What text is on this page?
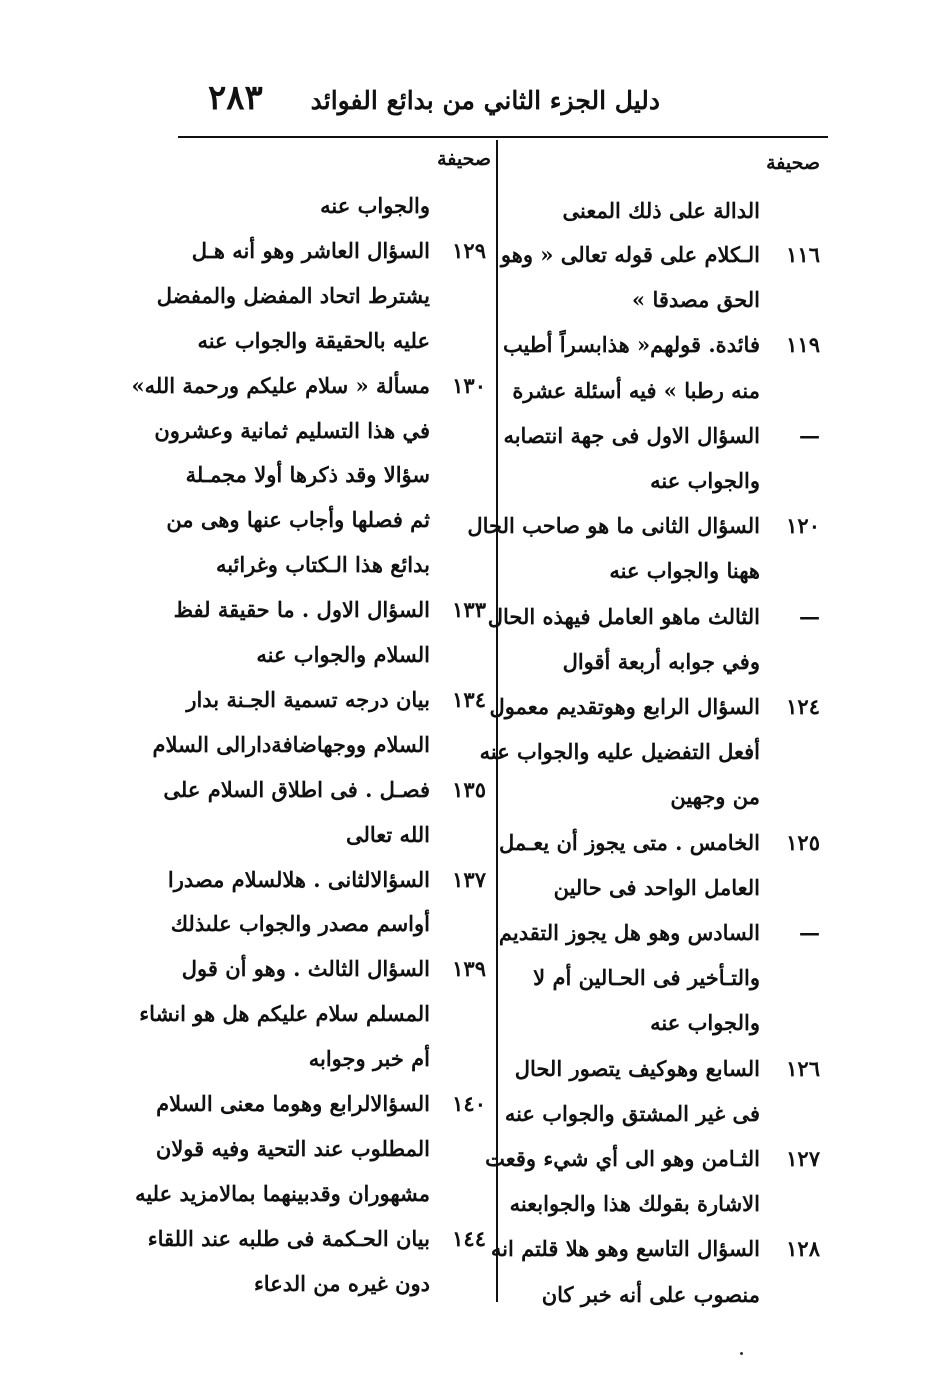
٢٨٣ دليل الجزء الثاني من بدائع الفوائد
صحيفة
صحيفة
الدالة على ذلك المعنى
١١٦
الـكلام على قوله تعالى « وهو
الحق مصدقا »
١١٩
فائدة. قولهم« هذابسراً أطيب
منه رطبا » فيه أسئلة عشرة
—
السؤال الاول فى جهة انتصابه
والجواب عنه
١٢٠
السؤال الثانى ما هو صاحب الحال
ههنا والجواب عنه
—
الثالث ماهو العامل فيهذه الحال
وفي جوابه أربعة أقوال
١٢٤
السؤال الرابع وهوتقديم معمول
أفعل التفضيل عليه والجواب عنه
من وجهين
١٢٥
الخامس . متى يجوز أن يعـمل
العامل الواحد فى حالين
—
السادس وهو هل يجوز التقديم
والتـأخير فى الحـالين أم لا
والجواب عنه
١٢٦
السابع وهوكيف يتصور الحال
فى غير المشتق والجواب عنه
١٢٧
الثـامن وهو الى أي شيء وقعت
الاشارة بقولك هذا والجوابعنه
١٢٨
السؤال التاسع وهو هلا قلتم انه
منصوب على أنه خبر كان
والجواب عنه
١٢٩
السؤال العاشر وهو أنه هـل
يشترط اتحاد المفضل والمفضل
عليه بالحقيقة والجواب عنه
١٣٠
مسألة « سلام عليكم ورحمة الله»
في هذا التسليم ثمانية وعشرون
سؤالا وقد ذكرها أولا مجمـلة
ثم فصلها وأجاب عنها وهى من
بدائع هذا الـكتاب وغرائبه
١٣٣
السؤال الاول . ما حقيقة لفظ
السلام والجواب عنه
١٣٤
بيان درجه تسمية الجـنة بدار
السلام ووجهاضافةدارالى السلام
١٣٥
فصـل . فى اطلاق السلام على
الله تعالى
١٣٧
السؤالالثانى . هلالسلام مصدرا
أواسم مصدر والجواب علىذلك
١٣٩
السؤال الثالث . وهو أن قول
المسلم سلام عليكم هل هو انشاء
أم خبر وجوابه
١٤٠
السؤالالرابع وهوما معنى السلام
المطلوب عند التحية وفيه قولان
مشهوران وقدبينهما بمالامزيد عليه
١٤٤
بيان الحـكمة فى طلبه عند اللقاء
دون غيره من الدعاء
